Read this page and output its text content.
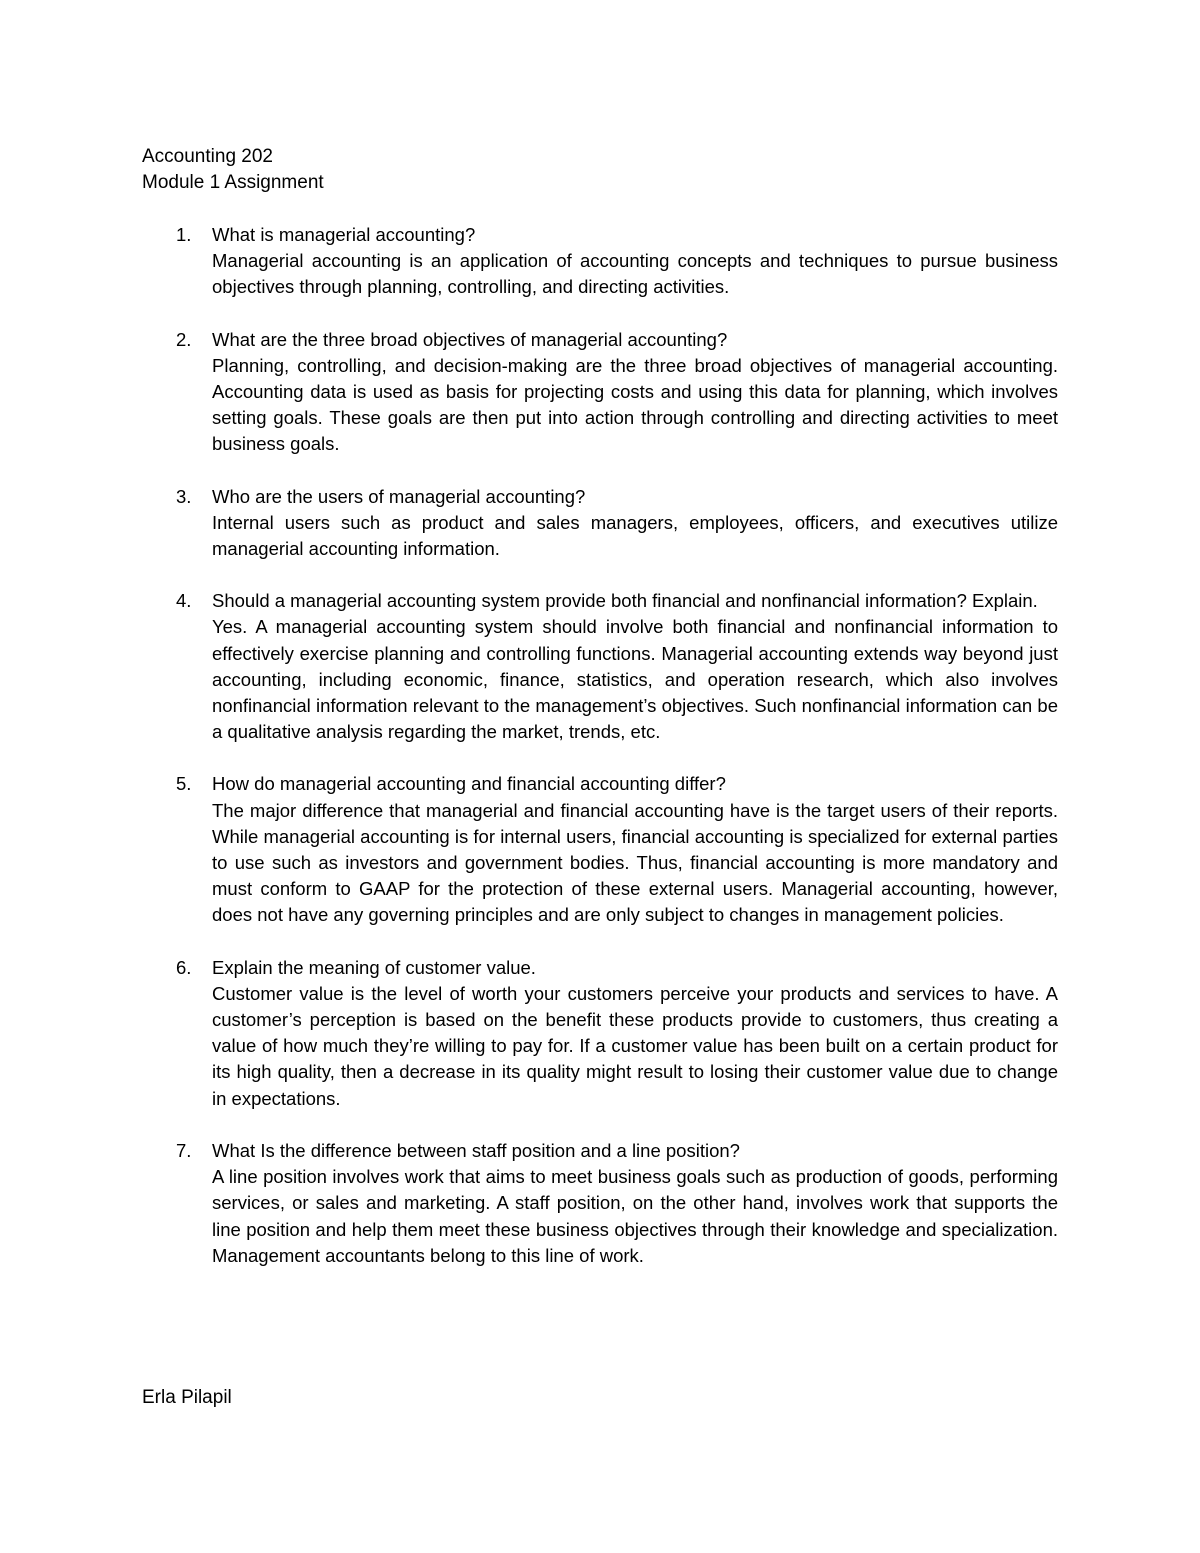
Accounting 202
Module 1 Assignment
1. What is managerial accounting?
Managerial accounting is an application of accounting concepts and techniques to pursue business objectives through planning, controlling, and directing activities.
2. What are the three broad objectives of managerial accounting?
Planning, controlling, and decision-making are the three broad objectives of managerial accounting. Accounting data is used as basis for projecting costs and using this data for planning, which involves setting goals. These goals are then put into action through controlling and directing activities to meet business goals.
3. Who are the users of managerial accounting?
Internal users such as product and sales managers, employees, officers, and executives utilize managerial accounting information.
4. Should a managerial accounting system provide both financial and nonfinancial information? Explain.
Yes. A managerial accounting system should involve both financial and nonfinancial information to effectively exercise planning and controlling functions. Managerial accounting extends way beyond just accounting, including economic, finance, statistics, and operation research, which also involves nonfinancial information relevant to the management’s objectives. Such nonfinancial information can be a qualitative analysis regarding the market, trends, etc.
5. How do managerial accounting and financial accounting differ?
The major difference that managerial and financial accounting have is the target users of their reports. While managerial accounting is for internal users, financial accounting is specialized for external parties to use such as investors and government bodies. Thus, financial accounting is more mandatory and must conform to GAAP for the protection of these external users. Managerial accounting, however, does not have any governing principles and are only subject to changes in management policies.
6. Explain the meaning of customer value.
Customer value is the level of worth your customers perceive your products and services to have. A customer’s perception is based on the benefit these products provide to customers, thus creating a value of how much they’re willing to pay for. If a customer value has been built on a certain product for its high quality, then a decrease in its quality might result to losing their customer value due to change in expectations.
7. What Is the difference between staff position and a line position?
A line position involves work that aims to meet business goals such as production of goods, performing services, or sales and marketing. A staff position, on the other hand, involves work that supports the line position and help them meet these business objectives through their knowledge and specialization. Management accountants belong to this line of work.
Erla Pilapil
